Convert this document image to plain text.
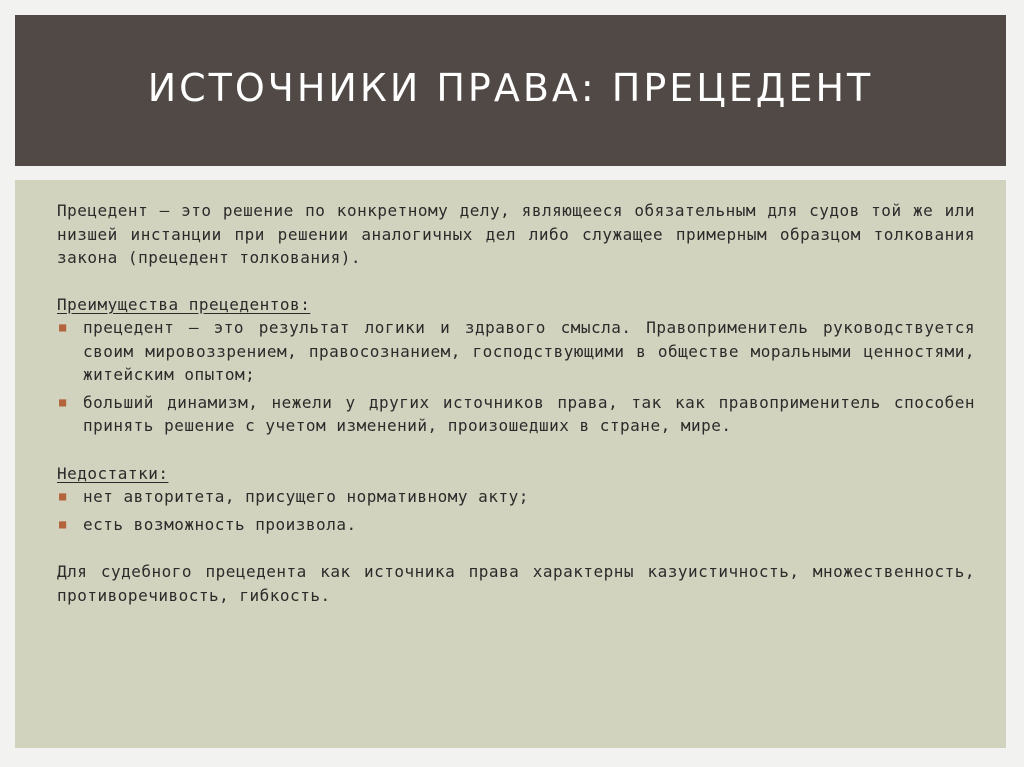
ИСТОЧНИКИ ПРАВА: ПРЕЦЕДЕНТ

Прецедент – это решение по конкретному делу, являющееся обязательным для судов той же или низшей инстанции при решении аналогичных дел либо служащее примерным образцом толкования закона (прецедент толкования).

Преимущества прецедентов:

■ прецедент — это результат логики и здравого смысла. Правоприменитель руководствуется своим мировоззрением, правосознанием, господствующими в обществе моральными ценностями, житейским опытом;
■ больший динамизм, нежели у других источников права, так как правоприменитель способен принять решение с учетом изменений, произошедших в стране, мире.

Недостатки:

■ нет авторитета, присущего нормативному акту;
■ есть возможность произвола.

Для судебного прецедента как источника права характерны казуистичность, множественность, противоречивость, гибкость.
